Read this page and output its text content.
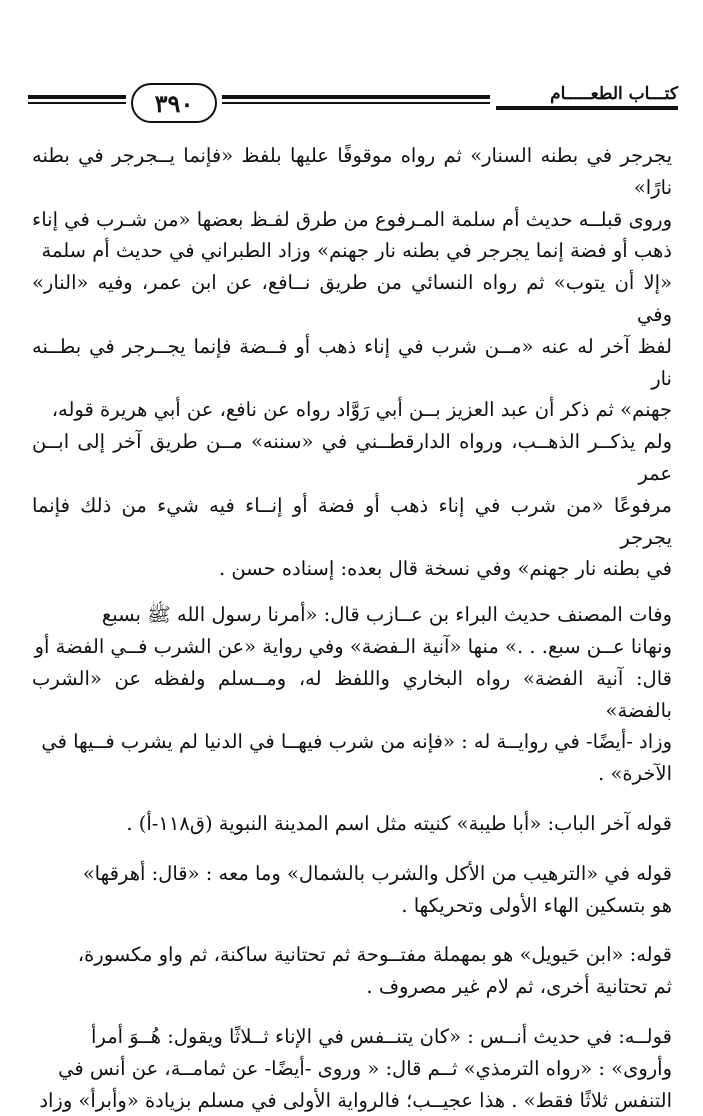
٣٩٠	كتـــاب الطعـــــام
يجرجر في بطنه السنار» ثم رواه موقوفًا عليها بلفظ «فإنما يــجرجر في بطنه نارًا»
وروى قبلــه حديث أم سلمة المـرفوع من طرق لفـظ بعضها «من شـرب في إناء
ذهب أو فضة إنما يجرجر في بطنه نار جهنم» وزاد الطبراني في حديث أم سلمة
«إلا أن يتوب» ثم رواه النسائي من طريق نــافع، عن ابن عمر، وفيه «النار» وفي
لفظ آخر له عنه «مــن شرب في إناء ذهب أو فــضة فإنما يجــرجر في بطــنه نار
جهنم» ثم ذكر أن عبد العزيز بــن أبي رَوَّاد رواه عن نافع، عن أبي هريرة قوله،
ولم يذكــر الذهــب، ورواه الدارقطــني في «سننه» مــن طريق آخر إلى ابــن عمر
مرفوعًا «من شرب في إناء ذهب أو فضة أو إنــاء فيه شيء من ذلك فإنما يجرجر
في بطنه نار جهنم» وفي نسخة قال بعده: إسناده حسن .
وفات المصنف حديث البراء بن عــازب قال: «أمرنا رسول الله ﷺ بسبع
ونهانا عــن سبع. . .» منها «آنية الـفضة» وفي رواية «عن الشرب فــي الفضة أو
قال: آنية الفضة» رواه البخاري واللفظ له، ومــسلم ولفظه عن «الشرب بالفضة»
وزاد -أيضًا- في روايــة له : «فإنه من شرب فيهــا في الدنيا لم يشرب فــيها في
الآخرة» .
قوله آخر الباب: «أبا طيبة» كنيته مثل اسم المدينة النبوية (ق١١٨-أ) .
قوله في «الترهيب من الأكل والشرب بالشمال» وما معه : «قال: أهرقها»
هو بتسكين الهاء الأولى وتحريكها .
قوله: «ابن حَيويل» هو بمهملة مفتــوحة ثم تحتانية ساكنة، ثم واو مكسورة،
ثم تحتانية أخرى، ثم لام غير مصروف .
قولــه: في حديث أنــس : «كان يتنــفس في الإناء ثــلاثًا ويقول: هُــوَ أمرأ
وأروى» : «رواه الترمذي» ثــم قال: « وروى -أيضًا- عن ثمامــة، عن أنس في
التنفس ثلاثًا فقط» . هذا عجيــب؛ فالرواية الأولى في مسلم بزيادة «وأبرأ» وزاد
